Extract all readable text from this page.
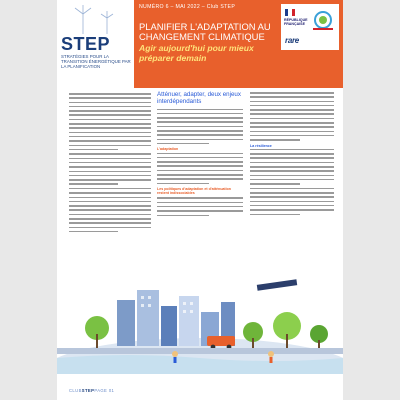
STEP
STRATÉGIES POUR LA TRANSITION ÉNERGÉTIQUE PAR LA PLANIFICATION
NUMÉRO 6 – MAI 2022 – Club STEP
PLANIFIER L'ADAPTATION AU CHANGEMENT CLIMATIQUE
Agir aujourd'hui pour mieux préparer demain
RÉPUBLIQUE FRANÇAISE
rare
Atténuer, adapter, deux enjeux interdépendants
L'adaptation
Les politiques d'adaptation et d'atténuation restent indissociables
La résilience
CLUBSTEPPAGE 01
